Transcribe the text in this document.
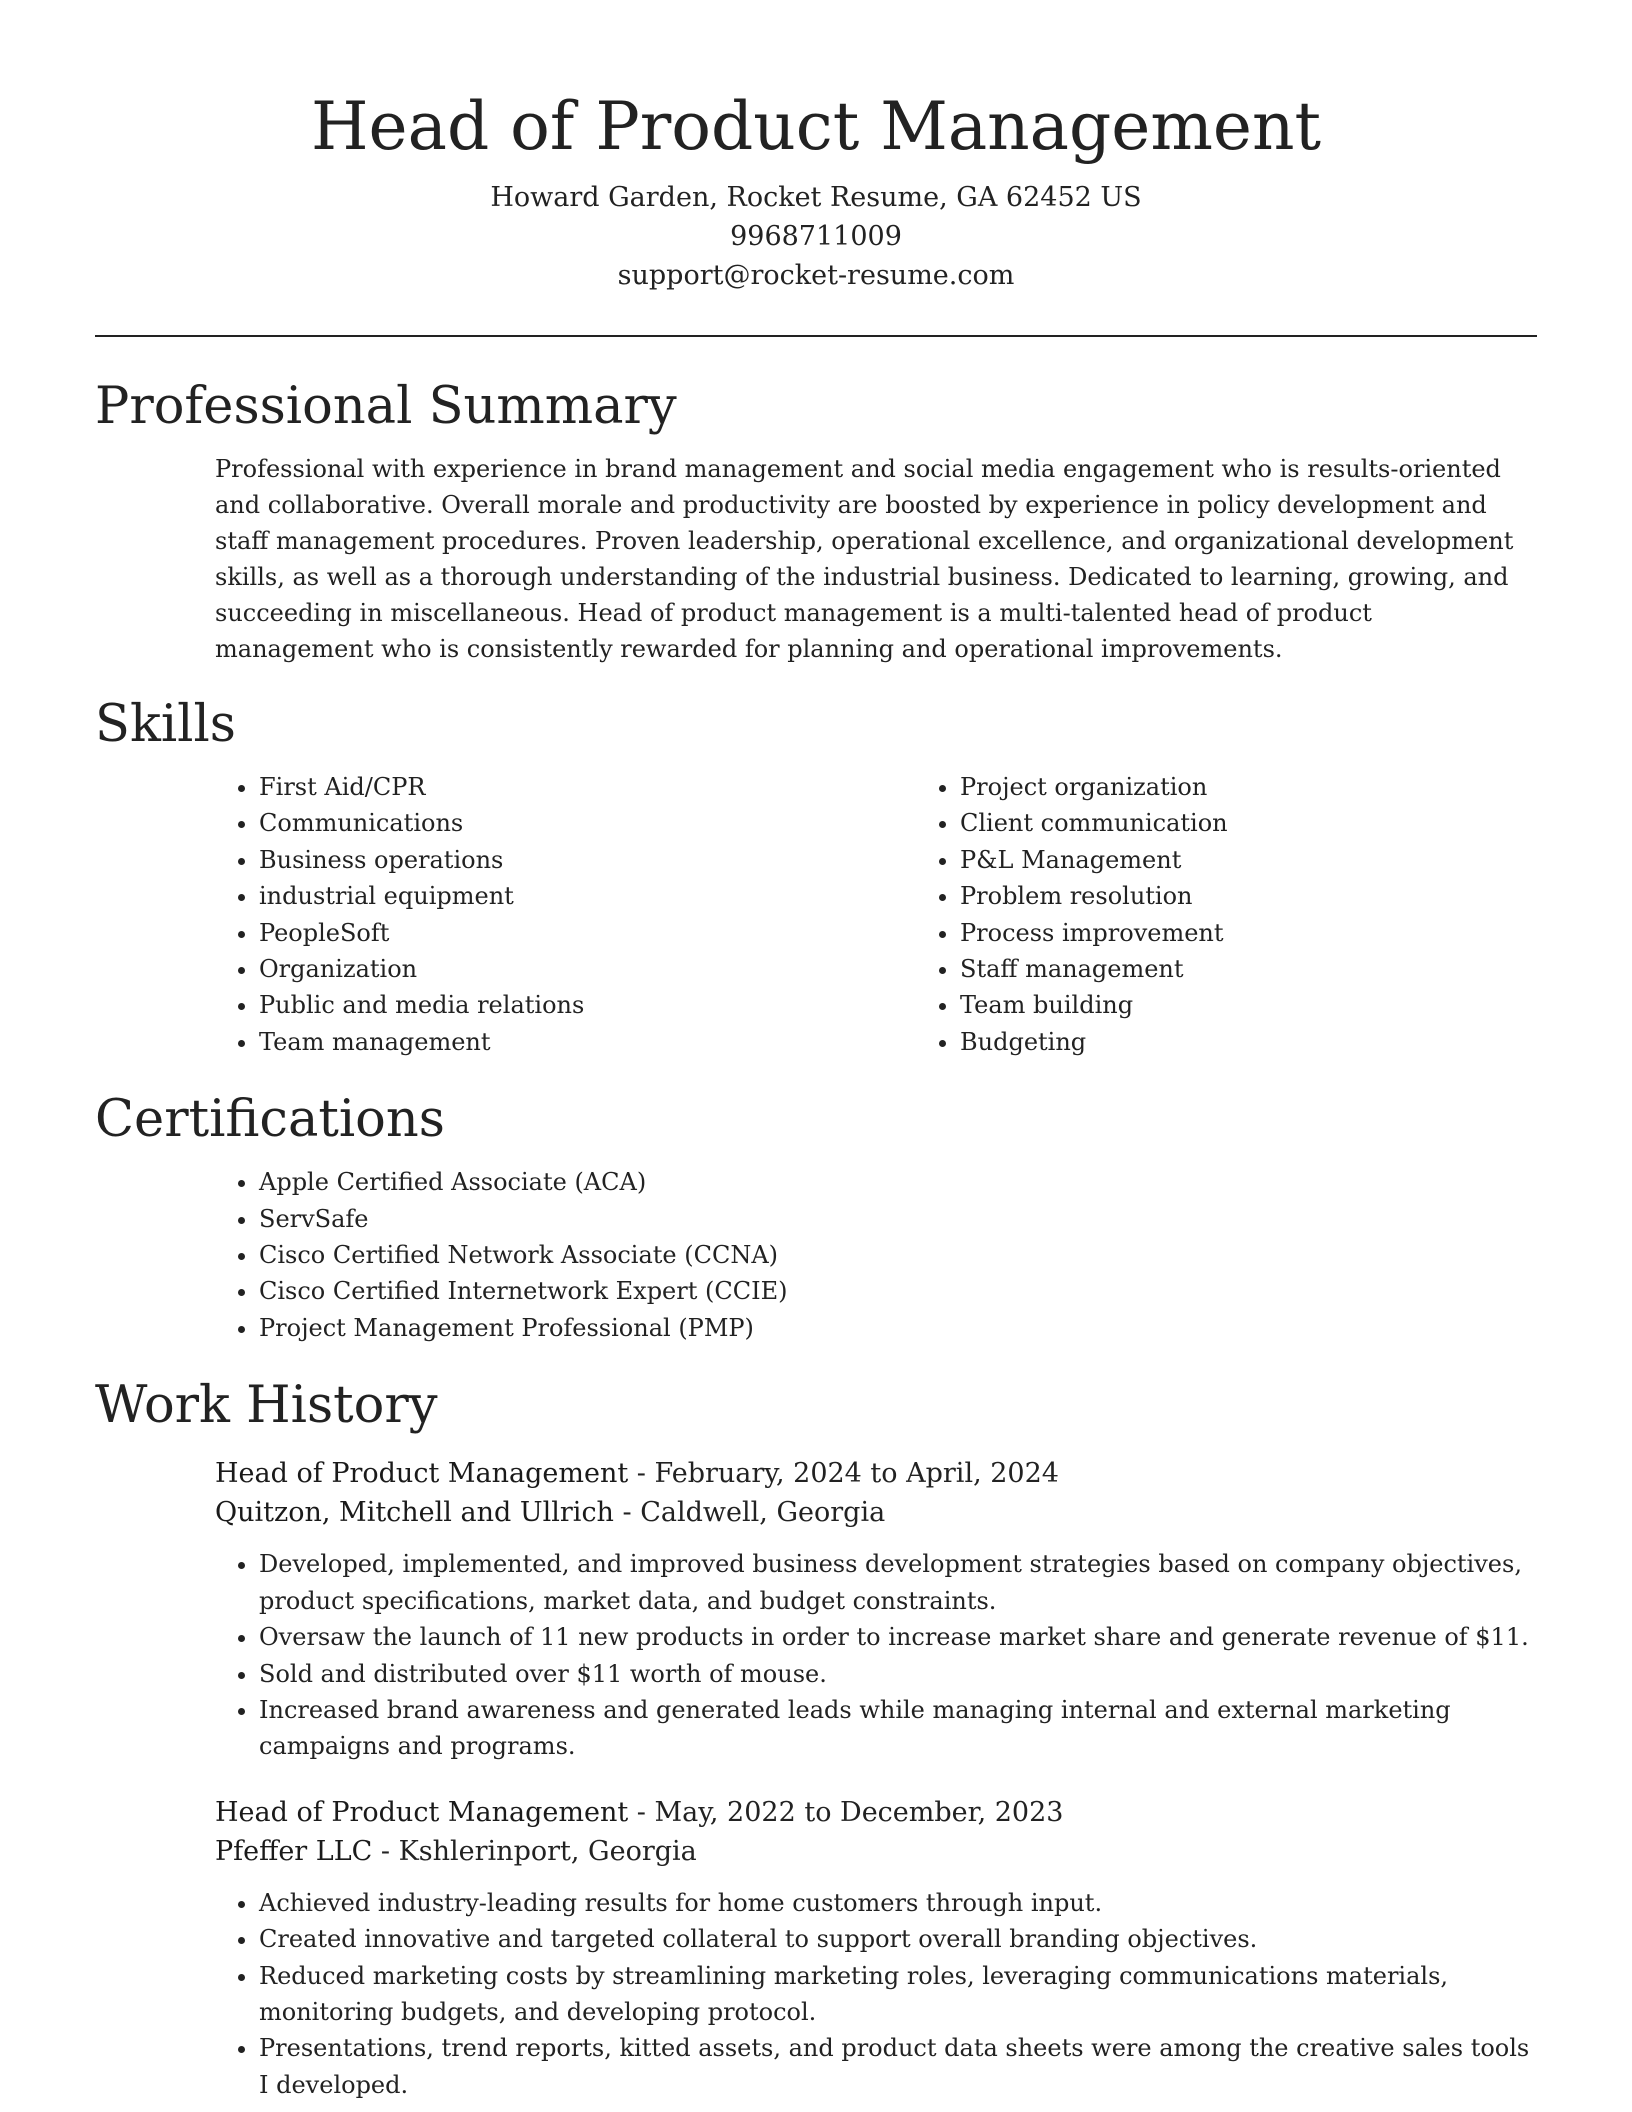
Head of Product Management

Howard Garden, Rocket Resume, GA 62452 US

9968711009

support@rocket-resume.com

Professional Summary

Professional with experience in brand management and social media engagement who is results-oriented and collaborative. Overall morale and productivity are boosted by experience in policy development and staff management procedures. Proven leadership, operational excellence, and organizational development skills, as well as a thorough understanding of the industrial business. Dedicated to learning, growing, and succeeding in miscellaneous. Head of product management is a multi-talented head of product management who is consistently rewarded for planning and operational improvements.

Skills
• First Aid/CPR
• Communications
• Business operations
• industrial equipment
• PeopleSoft
• Organization
• Public and media relations
• Team management
• Project organization
• Client communication
• P&L Management
• Problem resolution
• Process improvement
• Staff management
• Team building
• Budgeting
Certifications
• Apple Certified Associate (ACA)
• ServSafe
• Cisco Certified Network Associate (CCNA)
• Cisco Certified Internetwork Expert (CCIE)
• Project Management Professional (PMP)
Work History

Head of Product Management - February, 2024 to April, 2024

Quitzon, Mitchell and Ullrich - Caldwell, Georgia

• Developed, implemented, and improved business development strategies based on company objectives, product specifications, market data, and budget constraints.
• Oversaw the launch of 11 new products in order to increase market share and generate revenue of $11.
• Sold and distributed over $11 worth of mouse.
• Increased brand awareness and generated leads while managing internal and external marketing campaigns and programs.

Head of Product Management - May, 2022 to December, 2023

Pfeffer LLC - Kshlerinport, Georgia

• Achieved industry-leading results for home customers through input.
• Created innovative and targeted collateral to support overall branding objectives.
• Reduced marketing costs by streamlining marketing roles, leveraging communications materials, monitoring budgets, and developing protocol.
• Presentations, trend reports, kitted assets, and product data sheets were among the creative sales tools I developed.
